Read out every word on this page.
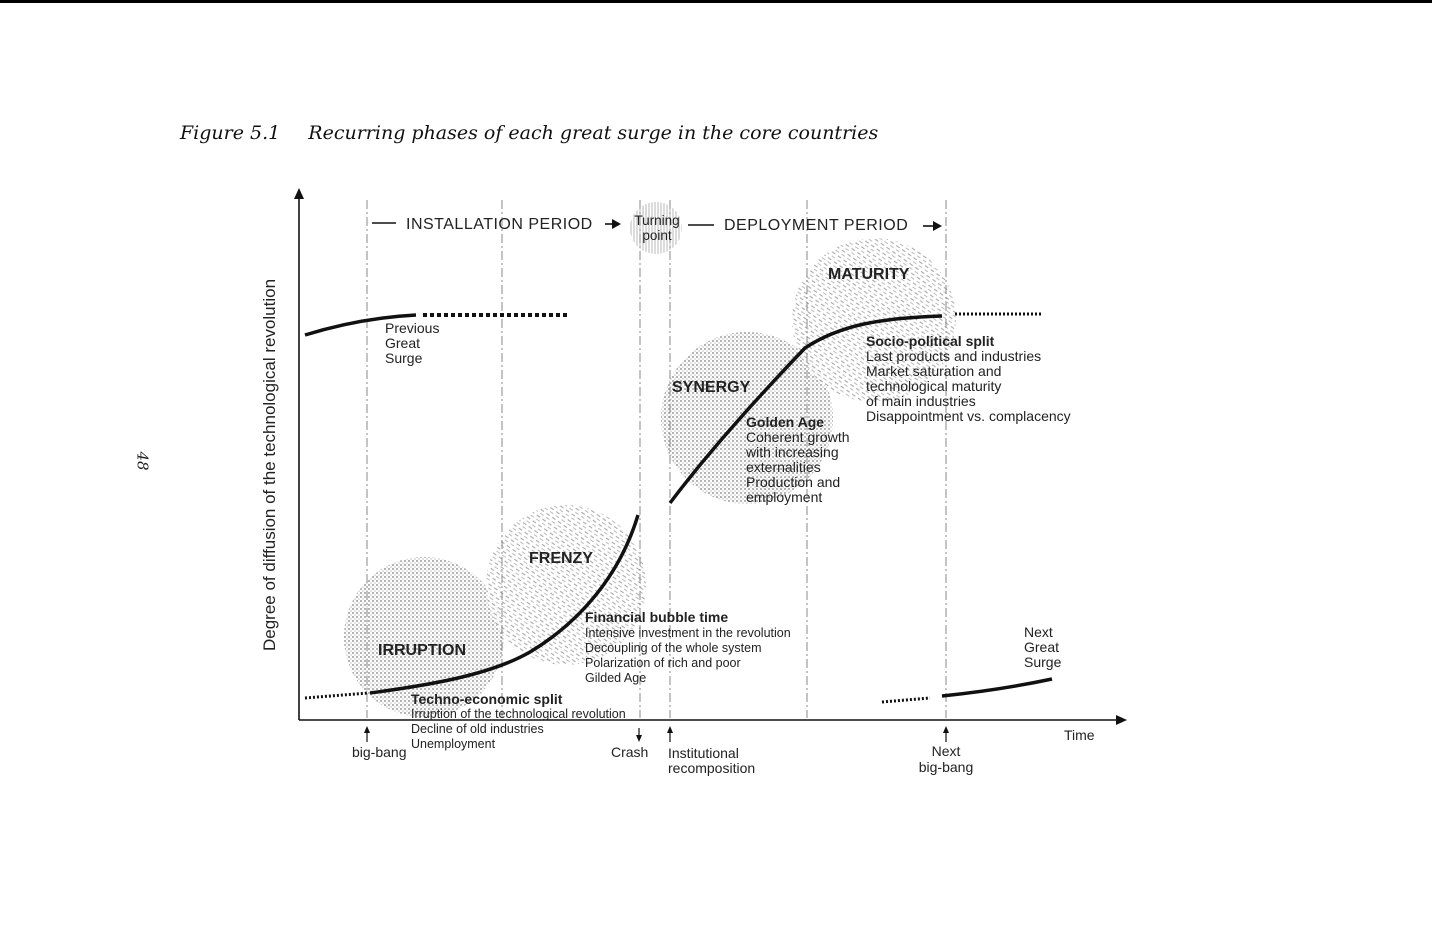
Figure 5.1 Recurring phases of each great surge in the core countries
48
INSTALLATION PERIOD	Turning
point
DEPLOYMENT PERIOD
IRRUPTION
FRENZY
SYNERGY
MATURITY
Previous
Great
Surge
Next
Great
Surge
Techno-economic split
Irruption of the technological revolution
Decline of old industries
Unemployment
Financial bubble time
Intensive investment in the revolution
Decoupling of the whole system
Polarization of rich and poor
Gilded Age
Golden Age
Coherent growth
with increasing
externalities
Production and
employment
Socio-political split
Last products and industries
Market saturation and
technological maturity
of main industries
Disappointment vs. complacency
big-bang	Crash Institutional
recomposition
Next
big-bang
Time
Degree of diffusion of the technological revolution
